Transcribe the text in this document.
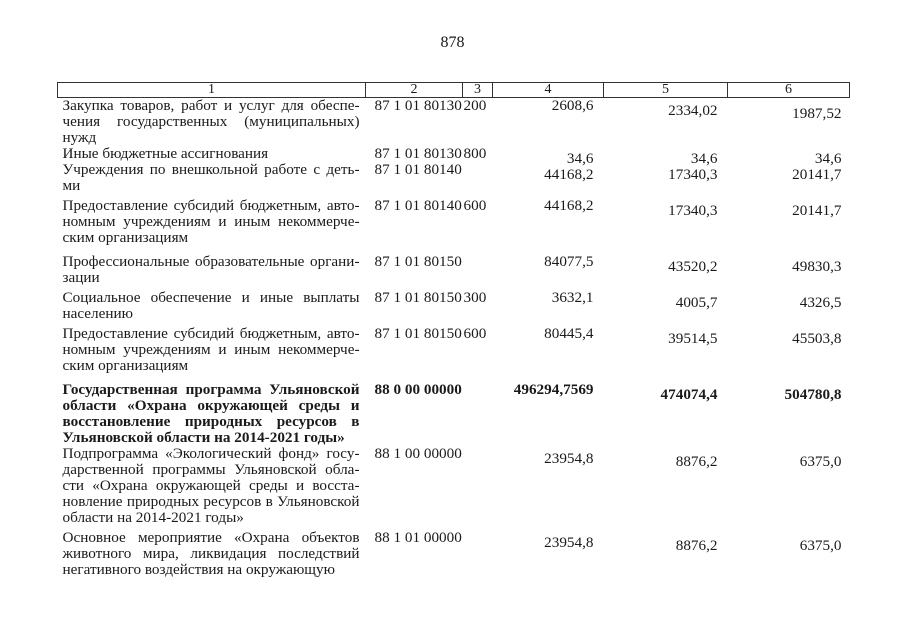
878
1	2	3	4	5	6
Закупка товаров, работ и услуг для обеспечения государственных (муниципальных) нужд	87 1 01 80130	200	2608,6	2334,02	1987,52
Иные бюджетные ассигнования	87 1 01 80130	800	34,6	34,6	34,6
Учреждения по внешкольной работе с детьми	87 1 01 80140		44168,2	17340,3	20141,7
Предоставление субсидий бюджетным, автономным учреждениям и иным некоммерческим организациям	87 1 01 80140	600	44168,2	17340,3	20141,7
Профессиональные образовательные организации	87 1 01 80150		84077,5	43520,2	49830,3
Социальное обеспечение и иные выплаты населению	87 1 01 80150	300	3632,1	4005,7	4326,5
Предоставление субсидий бюджетным, автономным учреждениям и иным некоммерческим организациям	87 1 01 80150	600	80445,4	39514,5	45503,8
Государственная программа Ульяновской области «Охрана окружающей среды и восстановление природных ресурсов в Ульяновской области на 2014-2021 годы»	88 0 00 00000		496294,7569	474074,4	504780,8
Подпрограмма «Экологический фонд» государственной программы Ульяновской области «Охрана окружающей среды и восстановление природных ресурсов в Ульяновской области на 2014-2021 годы»	88 1 00 00000		23954,8	8876,2	6375,0
Основное мероприятие «Охрана объектов животного мира, ликвидация последствий негативного воздействия на окружающую	88 1 01 00000		23954,8	8876,2	6375,0
